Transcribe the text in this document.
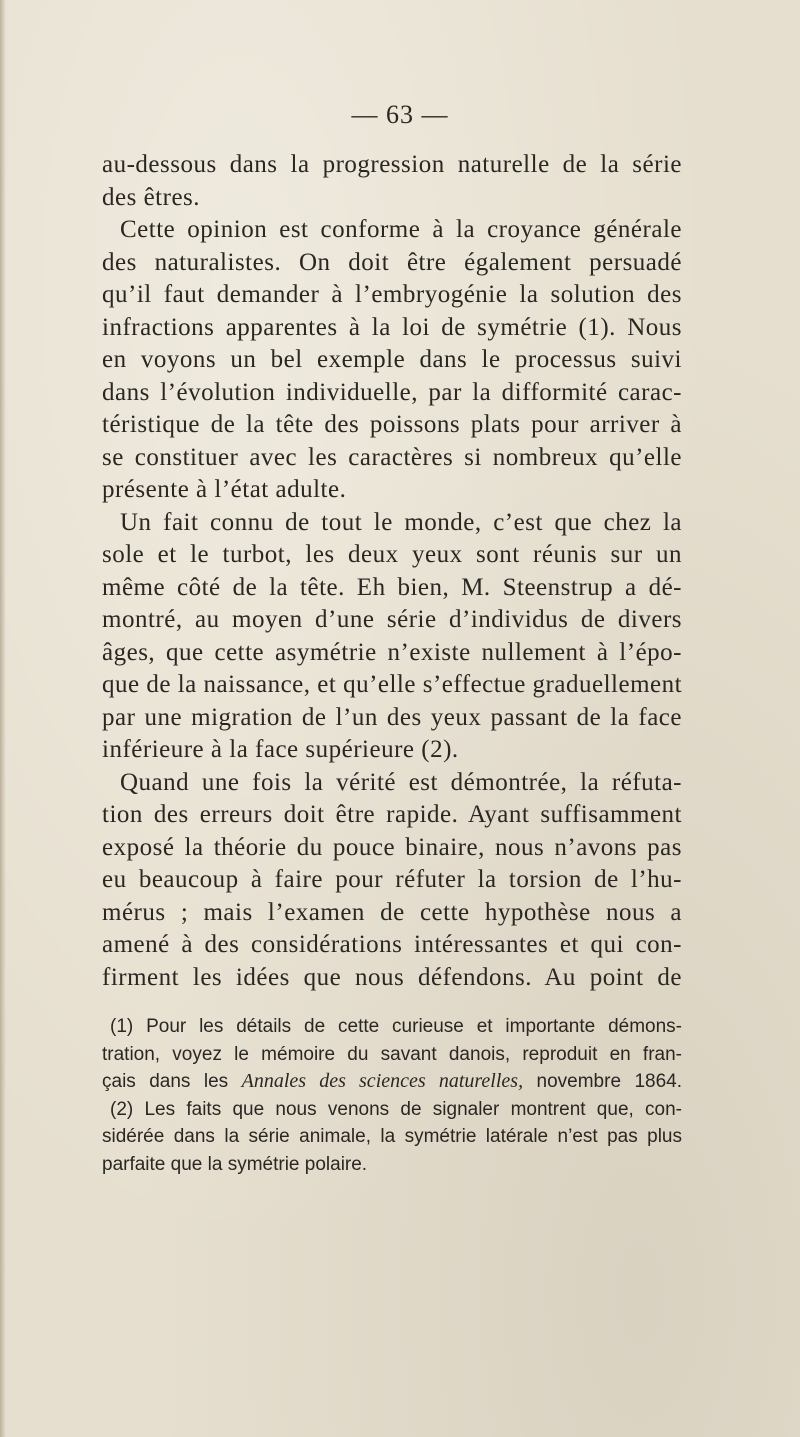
— 63 —
au-dessous dans la progression naturelle de la série
des êtres.
Cette opinion est conforme à la croyance générale
des naturalistes. On doit être également persuadé
qu’il faut demander à l’embryogénie la solution des
infractions apparentes à la loi de symétrie (1). Nous
en voyons un bel exemple dans le processus suivi
dans l’évolution individuelle, par la difformité carac-
téristique de la tête des poissons plats pour arriver à
se constituer avec les caractères si nombreux qu’elle
présente à l’état adulte.
Un fait connu de tout le monde, c’est que chez la
sole et le turbot, les deux yeux sont réunis sur un
même côté de la tête. Eh bien, M. Steenstrup a dé-
montré, au moyen d’une série d’individus de divers
âges, que cette asymétrie n’existe nullement à l’épo-
que de la naissance, et qu’elle s’effectue graduellement
par une migration de l’un des yeux passant de la face
inférieure à la face supérieure (2).
Quand une fois la vérité est démontrée, la réfuta-
tion des erreurs doit être rapide. Ayant suffisamment
exposé la théorie du pouce binaire, nous n’avons pas
eu beaucoup à faire pour réfuter la torsion de l’hu-
mérus ; mais l’examen de cette hypothèse nous a
amené à des considérations intéressantes et qui con-
firment les idées que nous défendons. Au point de
(1) Pour les détails de cette curieuse et importante démons-
tration, voyez le mémoire du savant danois, reproduit en fran-
çais dans les Annales des sciences naturelles, novembre 1864.
(2) Les faits que nous venons de signaler montrent que, con-
sidérée dans la série animale, la symétrie latérale n’est pas plus
parfaite que la symétrie polaire.
